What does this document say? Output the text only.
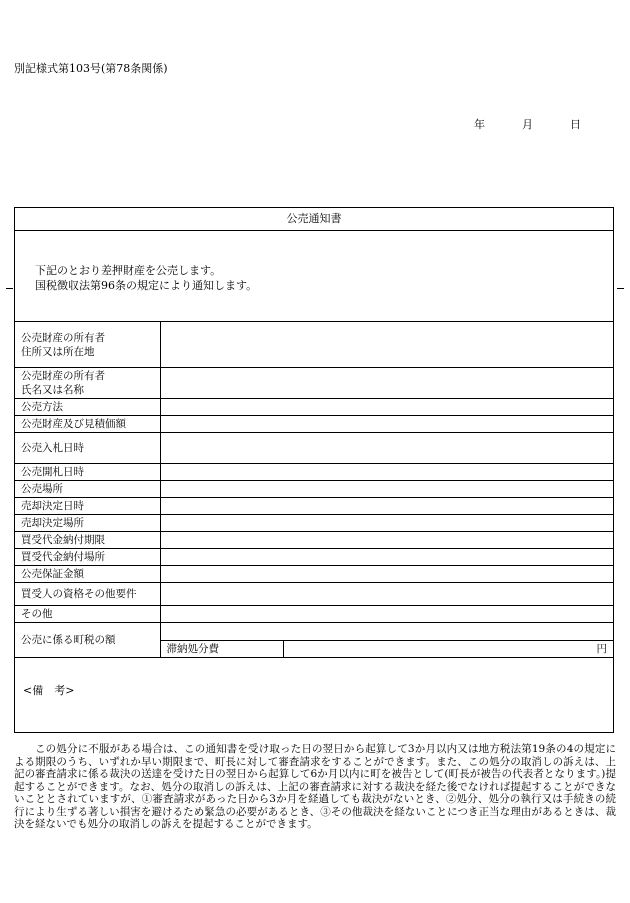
別記様式第103号(第78条関係)
年	月	日
公売通知書
下記のとおり差押財産を公売します。
国税徴収法第96条の規定により通知します。
公売財産の所有者
住所又は所在地	

公売財産の所有者
氏名又は名称	

公売方法	

公売財産及び見積価額	

公売入札日時	

公売開札日時	

公売場所	

売却決定日時	

売却決定場所	

買受代金納付期限	

買受代金納付場所	

公売保証金額	

買受人の資格その他要件	

その他	

公売に係る町税の額	滞納処分費 円
<備　考>
この処分に不服がある場合は、この通知書を受け取った日の翌日から起算して3か月以内又は地方税法第19条の4の規定による期限のうち、いずれか早い期限まで、町長に対して審査請求をすることができます。また、この処分の取消しの訴えは、上記の審査請求に係る裁決の送達を受けた日の翌日から起算して6か月以内に町を被告として(町長が被告の代表者となります。)提起することができます。なお、処分の取消しの訴えは、上記の審査請求に対する裁決を経た後でなければ提起することができないこととされていますが、①審査請求があった日から3か月を経過しても裁決がないとき、②処分、処分の執行又は手続きの続行により生ずる著しい損害を避けるため緊急の必要があるとき、③その他裁決を経ないことにつき正当な理由があるときは、裁決を経ないでも処分の取消しの訴えを提起することができます。
